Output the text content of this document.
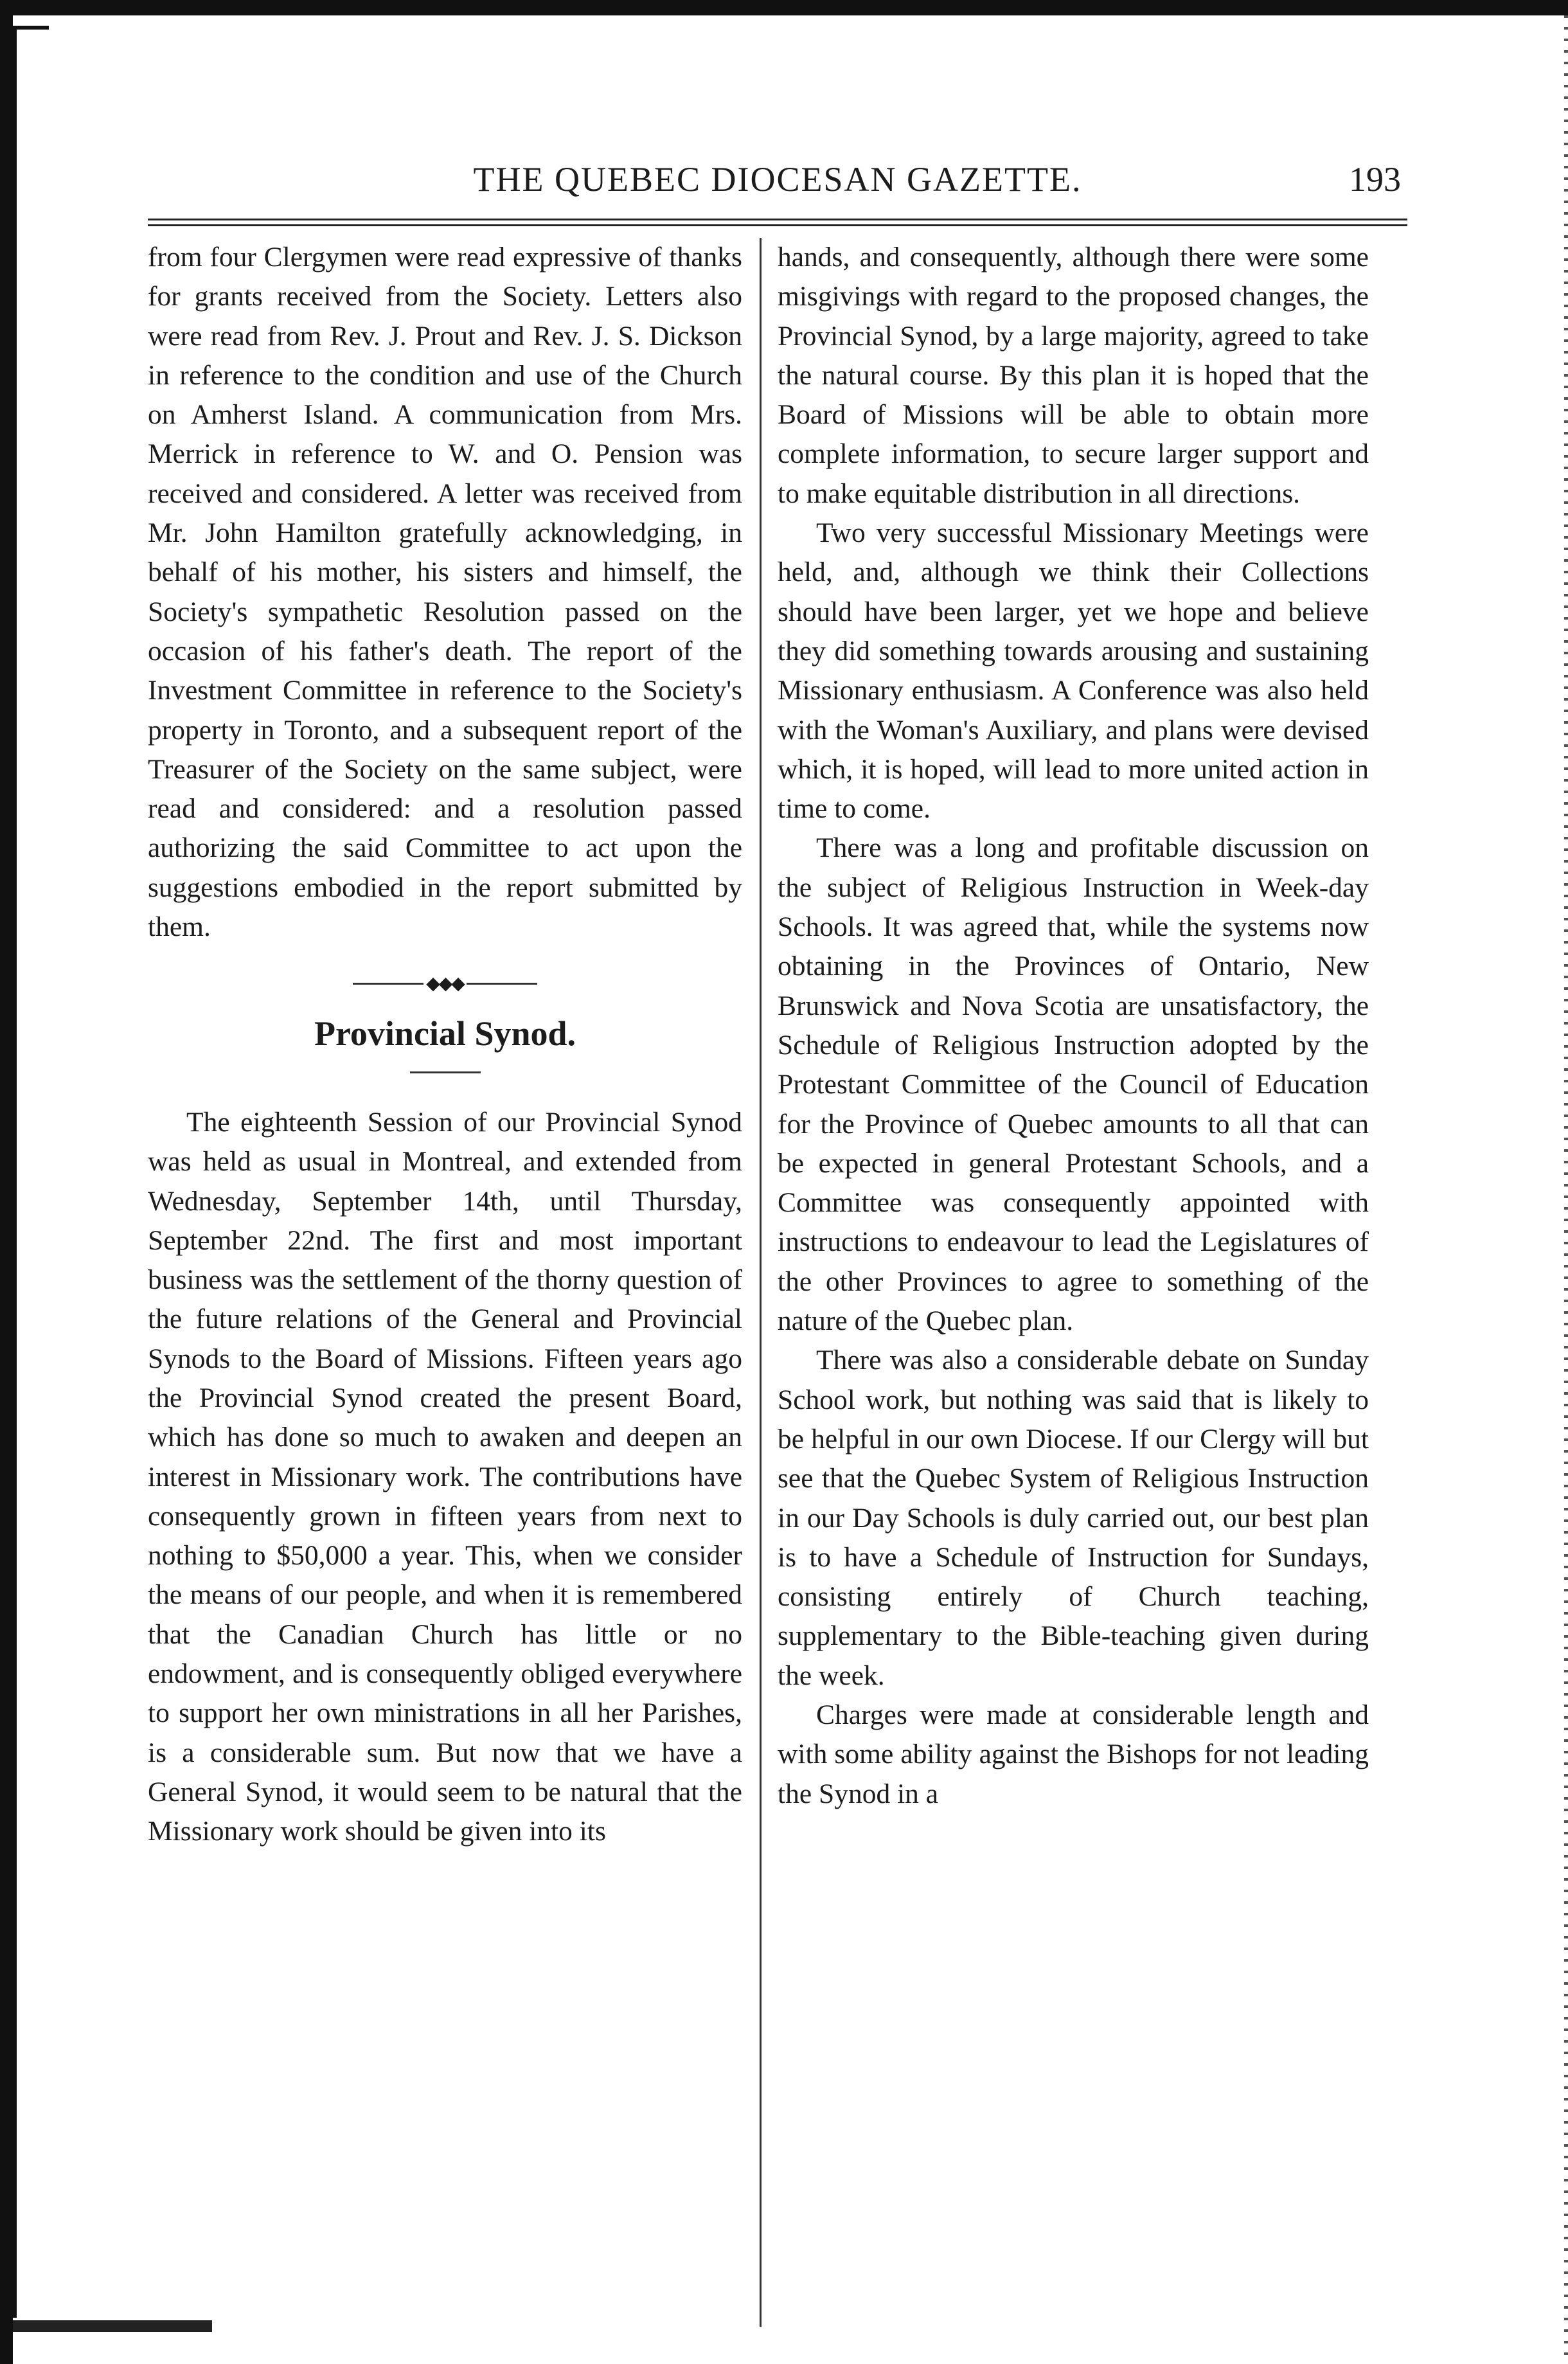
THE QUEBEC DIOCESAN GAZETTE.	193

from four Clergymen were read expressive of thanks for grants received from the Society. Letters also were read from Rev. J. Prout and Rev. J. S. Dickson in reference to the condition and use of the Church on Amherst Island. A communication from Mrs. Merrick in reference to W. and O. Pension was received and considered. A letter was received from Mr. John Hamilton gratefully acknowledging, in behalf of his mother, his sisters and himself, the Society's sympathetic Resolution passed on the occasion of his father's death. The report of the Investment Committee in reference to the Society's property in Toronto, and a subsequent report of the Treasurer of the Society on the same subject, were read and considered: and a resolution passed authorizing the said Committee to act upon the suggestions embodied in the report submitted by them.

◆◆◆
Provincial Synod.

The eighteenth Session of our Provincial Synod was held as usual in Montreal, and extended from Wednesday, September 14th, until Thursday, September 22nd. The first and most important business was the settlement of the thorny question of the future relations of the General and Provincial Synods to the Board of Missions. Fifteen years ago the Provincial Synod created the present Board, which has done so much to awaken and deepen an interest in Missionary work. The contributions have consequently grown in fifteen years from next to nothing to $50,000 a year. This, when we consider the means of our people, and when it is remembered that the Canadian Church has little or no endowment, and is consequently obliged everywhere to support her own ministrations in all her Parishes, is a considerable sum. But now that we have a General Synod, it would seem to be natural that the Missionary work should be given into its

hands, and consequently, although there were some misgivings with regard to the proposed changes, the Provincial Synod, by a large majority, agreed to take the natural course. By this plan it is hoped that the Board of Missions will be able to obtain more complete information, to secure larger support and to make equitable distribution in all directions.

Two very successful Missionary Meetings were held, and, although we think their Collections should have been larger, yet we hope and believe they did something towards arousing and sustaining Missionary enthusiasm. A Conference was also held with the Woman's Auxiliary, and plans were devised which, it is hoped, will lead to more united action in time to come.

There was a long and profitable discussion on the subject of Religious Instruction in Week-day Schools. It was agreed that, while the systems now obtaining in the Provinces of Ontario, New Brunswick and Nova Scotia are unsatisfactory, the Schedule of Religious Instruction adopted by the Protestant Committee of the Council of Education for the Province of Quebec amounts to all that can be expected in general Protestant Schools, and a Committee was consequently appointed with instructions to endeavour to lead the Legislatures of the other Provinces to agree to something of the nature of the Quebec plan.

There was also a considerable debate on Sunday School work, but nothing was said that is likely to be helpful in our own Diocese. If our Clergy will but see that the Quebec System of Religious Instruction in our Day Schools is duly carried out, our best plan is to have a Schedule of Instruction for Sundays, consisting entirely of Church teaching, supplementary to the Bible-teaching given during the week.

Charges were made at considerable length and with some ability against the Bishops for not leading the Synod in a
